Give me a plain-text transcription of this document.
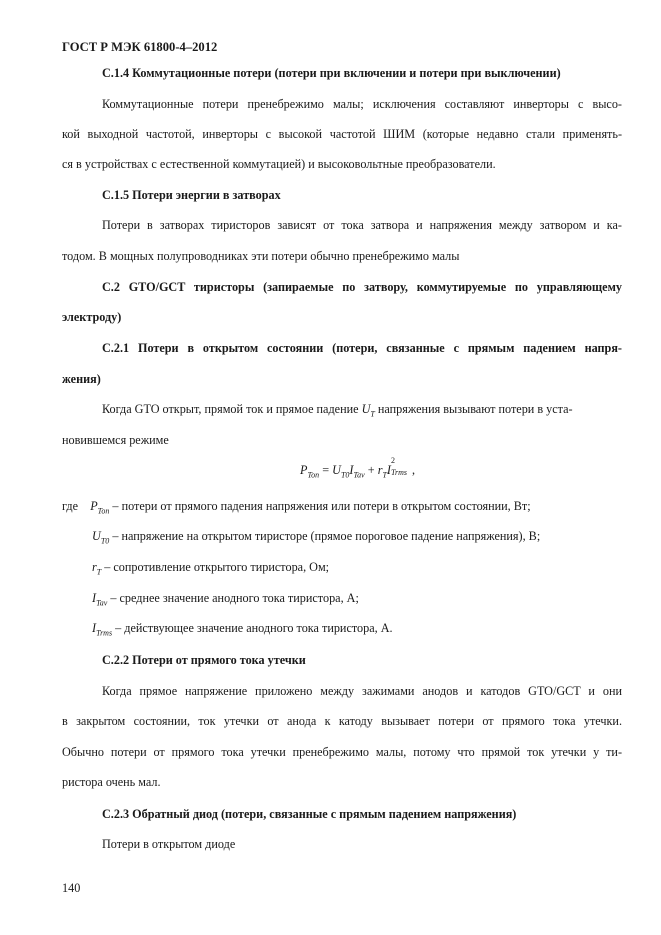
ГОСТ Р МЭК 61800-4–2012
С.1.4 Коммутационные потери (потери при включении и потери при выключении)
Коммутационные потери пренебрежимо малы; исключения составляют инверторы с высо-
кой выходной частотой, инверторы с высокой частотой ШИМ (которые недавно стали применять-
ся в устройствах с естественной коммутацией) и высоковольтные преобразователи.
С.1.5 Потери энергии в затворах
Потери в затворах тиристоров зависят от тока затвора и напряжения между затвором и ка-
тодом. В мощных полупроводниках эти потери обычно пренебрежимо малы
С.2 GTO/GCT тиристоры (запираемые по затвору, коммутируемые по управляющему
электроду)
С.2.1 Потери в открытом состоянии (потери, связанные с прямым падением напря-
жения)
Когда GTO открыт, прямой ток и прямое падение $U_T$ напряжения вызывают потери в уста-
новившемся режиме
$P_{Ton} = U_{T0}I_{Tav} + r_TI$
2
Trms ,
где $P_{Ton}$ – потери от прямого падения напряжения или потери в открытом состоянии, Вт;
$U_{T0}$ – напряжение на открытом тиристоре (прямое пороговое падение напряжения), В;
$r_T$ – сопротивление открытого тиристора, Ом;
$I_{Tav}$ – среднее значение анодного тока тиристора, А;
$I_{Trms}$ – действующее значение анодного тока тиристора, А.
С.2.2 Потери от прямого тока утечки
Когда прямое напряжение приложено между зажимами анодов и катодов GTO/GCT и они
в закрытом состоянии, ток утечки от анода к катоду вызывает потери от прямого тока утечки.
Обычно потери от прямого тока утечки пренебрежимо малы, потому что прямой ток утечки у ти-
ристора очень мал.
С.2.3 Обратный диод (потери, связанные с прямым падением напряжения)
Потери в открытом диоде
140
